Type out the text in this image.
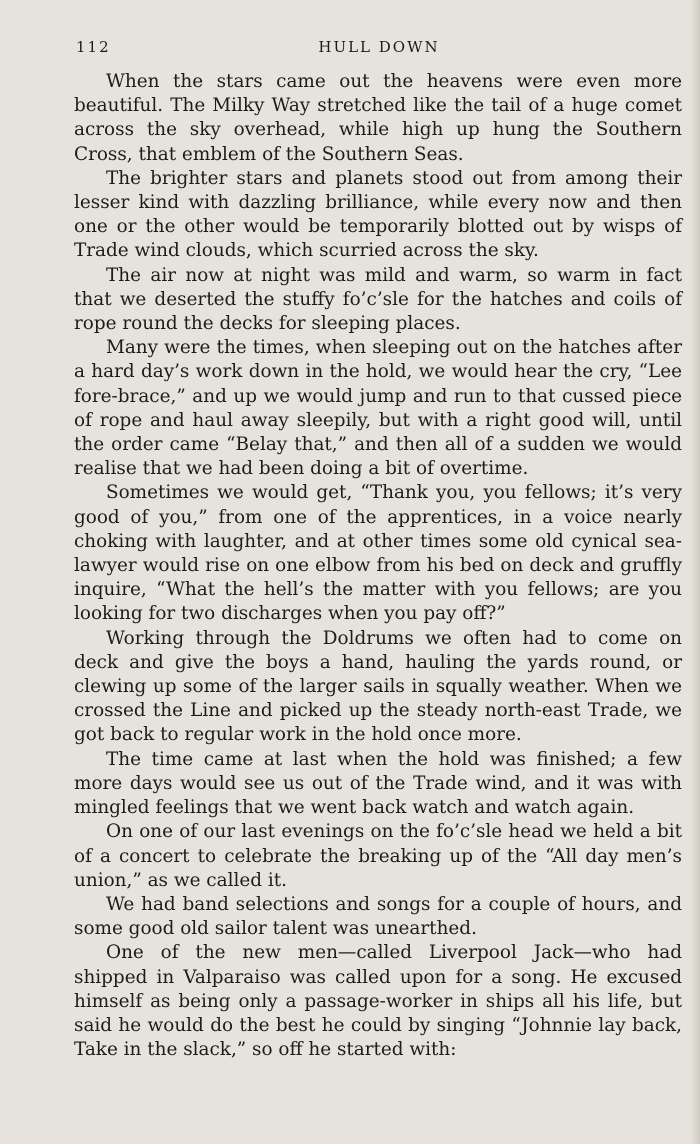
112	HULL DOWN

When the stars came out the heavens were even more beautiful. The Milky Way stretched like the tail of a huge comet across the sky overhead, while high up hung the Southern Cross, that emblem of the Southern Seas.

The brighter stars and planets stood out from among their lesser kind with dazzling brilliance, while every now and then one or the other would be temporarily blotted out by wisps of Trade wind clouds, which scurried across the sky.

The air now at night was mild and warm, so warm in fact that we deserted the stuffy fo’c’sle for the hatches and coils of rope round the decks for sleeping places.

Many were the times, when sleeping out on the hatches after a hard day’s work down in the hold, we would hear the cry, “Lee fore-brace,” and up we would jump and run to that cussed piece of rope and haul away sleepily, but with a right good will, until the order came “Belay that,” and then all of a sudden we would realise that we had been doing a bit of overtime.

Sometimes we would get, “Thank you, you fellows; it’s very good of you,” from one of the apprentices, in a voice nearly choking with laughter, and at other times some old cynical sea-lawyer would rise on one elbow from his bed on deck and gruffly inquire, “What the hell’s the matter with you fellows; are you looking for two discharges when you pay off?”

Working through the Doldrums we often had to come on deck and give the boys a hand, hauling the yards round, or clewing up some of the larger sails in squally weather. When we crossed the Line and picked up the steady north-east Trade, we got back to regular work in the hold once more.

The time came at last when the hold was finished; a few more days would see us out of the Trade wind, and it was with mingled feelings that we went back watch and watch again.

On one of our last evenings on the fo’c’sle head we held a bit of a concert to celebrate the breaking up of the “All day men’s union,” as we called it.

We had band selections and songs for a couple of hours, and some good old sailor talent was unearthed.

One of the new men—called Liverpool Jack—who had shipped in Valparaiso was called upon for a song. He excused himself as being only a passage-worker in ships all his life, but said he would do the best he could by singing “Johnnie lay back, Take in the slack,” so off he started with:
